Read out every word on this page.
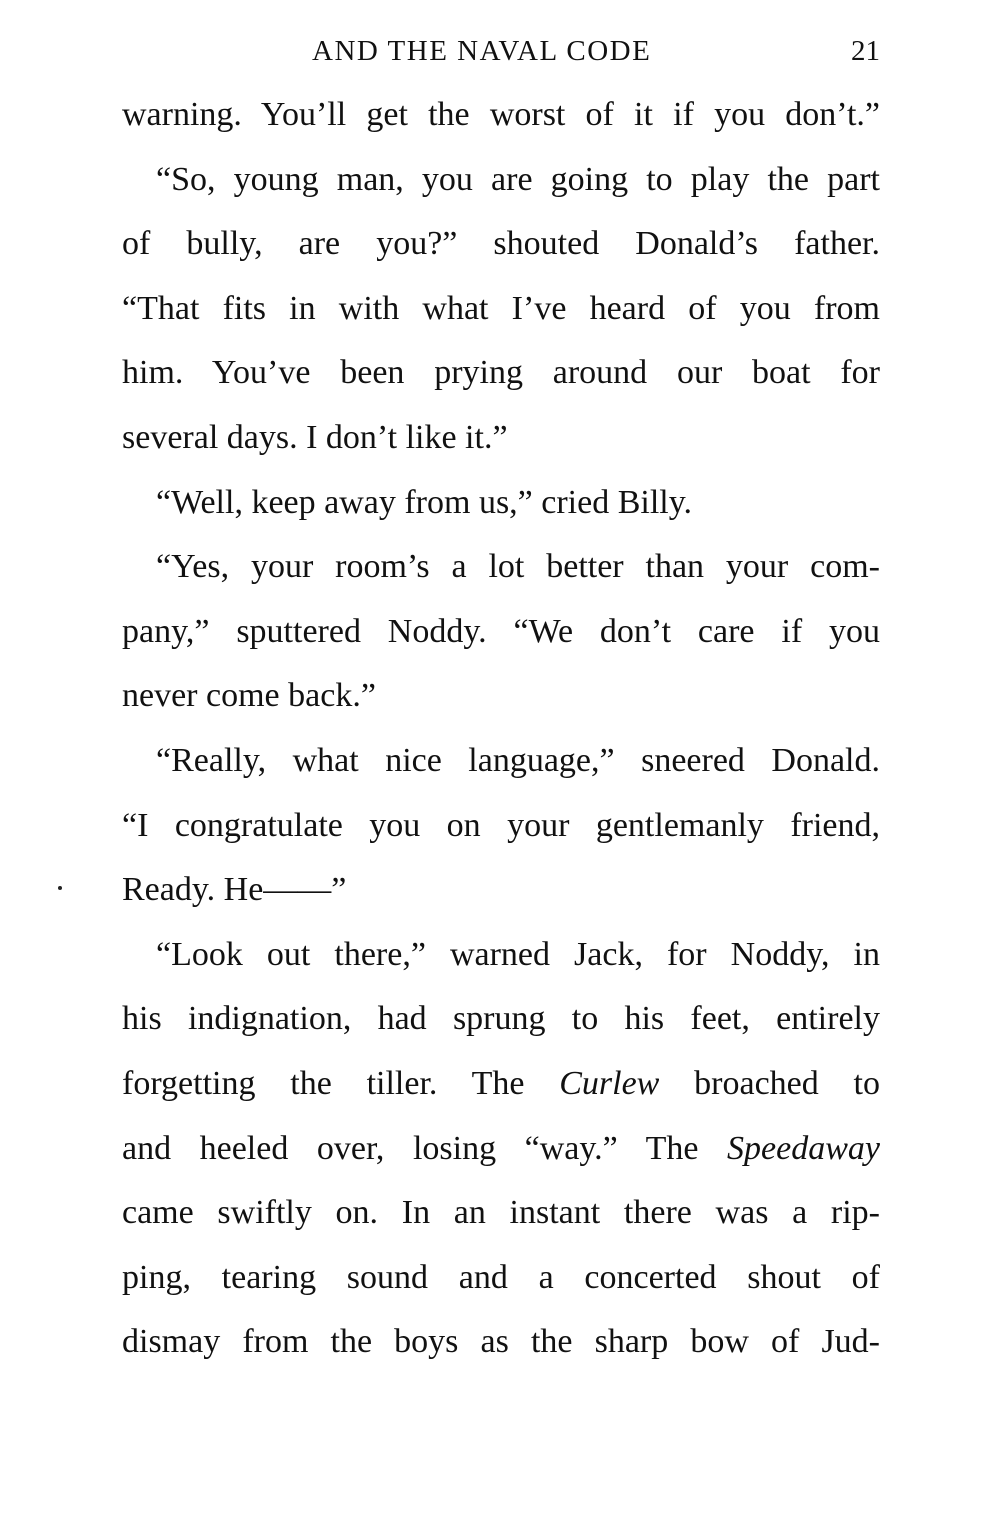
AND THE NAVAL CODE	21
warning. You’ll get the worst of it if you don’t.”
“So, young man, you are going to play the part
of bully, are you?” shouted Donald’s father.
“That fits in with what I’ve heard of you from
him. You’ve been prying around our boat for
several days. I don’t like it.”
“Well, keep away from us,” cried Billy.
“Yes, your room’s a lot better than your com-
pany,” sputtered Noddy. “We don’t care if you
never come back.”
“Really, what nice language,” sneered Donald.
“I congratulate you on your gentlemanly friend,
Ready. He——”
“Look out there,” warned Jack, for Noddy, in
his indignation, had sprung to his feet, entirely
forgetting the tiller. The Curlew broached to
and heeled over, losing “way.” The Speedaway
came swiftly on. In an instant there was a rip-
ping, tearing sound and a concerted shout of
dismay from the boys as the sharp bow of Jud-
